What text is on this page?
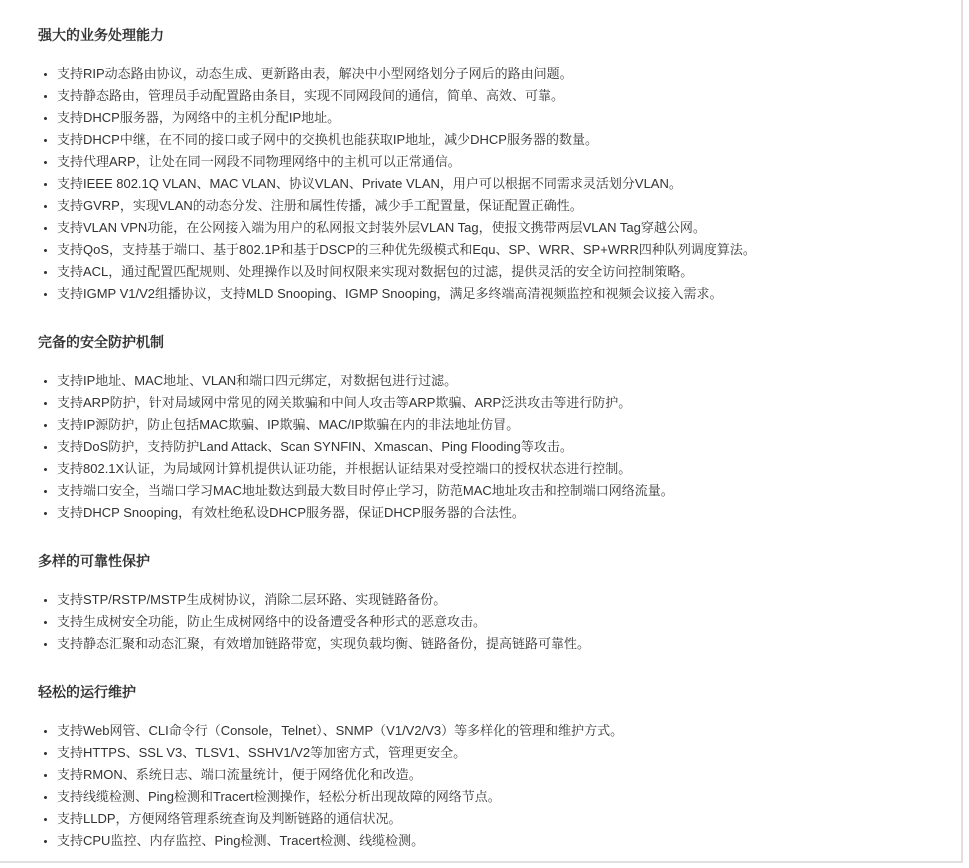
强大的业务处理能力
• 支持RIP动态路由协议，动态生成、更新路由表，解决中小型网络划分子网后的路由问题。
• 支持静态路由，管理员手动配置路由条目，实现不同网段间的通信，简单、高效、可靠。
• 支持DHCP服务器，为网络中的主机分配IP地址。
• 支持DHCP中继，在不同的接口或子网中的交换机也能获取IP地址，减少DHCP服务器的数量。
• 支持代理ARP，让处在同一网段不同物理网络中的主机可以正常通信。
• 支持IEEE 802.1Q VLAN、MAC VLAN、协议VLAN、Private VLAN，用户可以根据不同需求灵活划分VLAN。
• 支持GVRP，实现VLAN的动态分发、注册和属性传播，减少手工配置量，保证配置正确性。
• 支持VLAN VPN功能，在公网接入端为用户的私网报文封装外层VLAN Tag，使报文携带两层VLAN Tag穿越公网。
• 支持QoS，支持基于端口、基于802.1P和基于DSCP的三种优先级模式和Equ、SP、WRR、SP+WRR四种队列调度算法。
• 支持ACL，通过配置匹配规则、处理操作以及时间权限来实现对数据包的过滤，提供灵活的安全访问控制策略。
• 支持IGMP V1/V2组播协议，支持MLD Snooping、IGMP Snooping，满足多终端高清视频监控和视频会议接入需求。
完备的安全防护机制
• 支持IP地址、MAC地址、VLAN和端口四元绑定，对数据包进行过滤。
• 支持ARP防护，针对局域网中常见的网关欺骗和中间人攻击等ARP欺骗、ARP泛洪攻击等进行防护。
• 支持IP源防护，防止包括MAC欺骗、IP欺骗、MAC/IP欺骗在内的非法地址仿冒。
• 支持DoS防护，支持防护Land Attack、Scan SYNFIN、Xmascan、Ping Flooding等攻击。
• 支持802.1X认证，为局域网计算机提供认证功能，并根据认证结果对受控端口的授权状态进行控制。
• 支持端口安全，当端口学习MAC地址数达到最大数目时停止学习，防范MAC地址攻击和控制端口网络流量。
• 支持DHCP Snooping，有效杜绝私设DHCP服务器，保证DHCP服务器的合法性。
多样的可靠性保护
• 支持STP/RSTP/MSTP生成树协议，消除二层环路、实现链路备份。
• 支持生成树安全功能，防止生成树网络中的设备遭受各种形式的恶意攻击。
• 支持静态汇聚和动态汇聚，有效增加链路带宽，实现负载均衡、链路备份，提高链路可靠性。
轻松的运行维护
• 支持Web网管、CLI命令行（Console，Telnet）、SNMP（V1/V2/V3）等多样化的管理和维护方式。
• 支持HTTPS、SSL V3、TLSV1、SSHV1/V2等加密方式，管理更安全。
• 支持RMON、系统日志、端口流量统计，便于网络优化和改造。
• 支持线缆检测、Ping检测和Tracert检测操作，轻松分析出现故障的网络节点。
• 支持LLDP，方便网络管理系统查询及判断链路的通信状况。
• 支持CPU监控、内存监控、Ping检测、Tracert检测、线缆检测。
